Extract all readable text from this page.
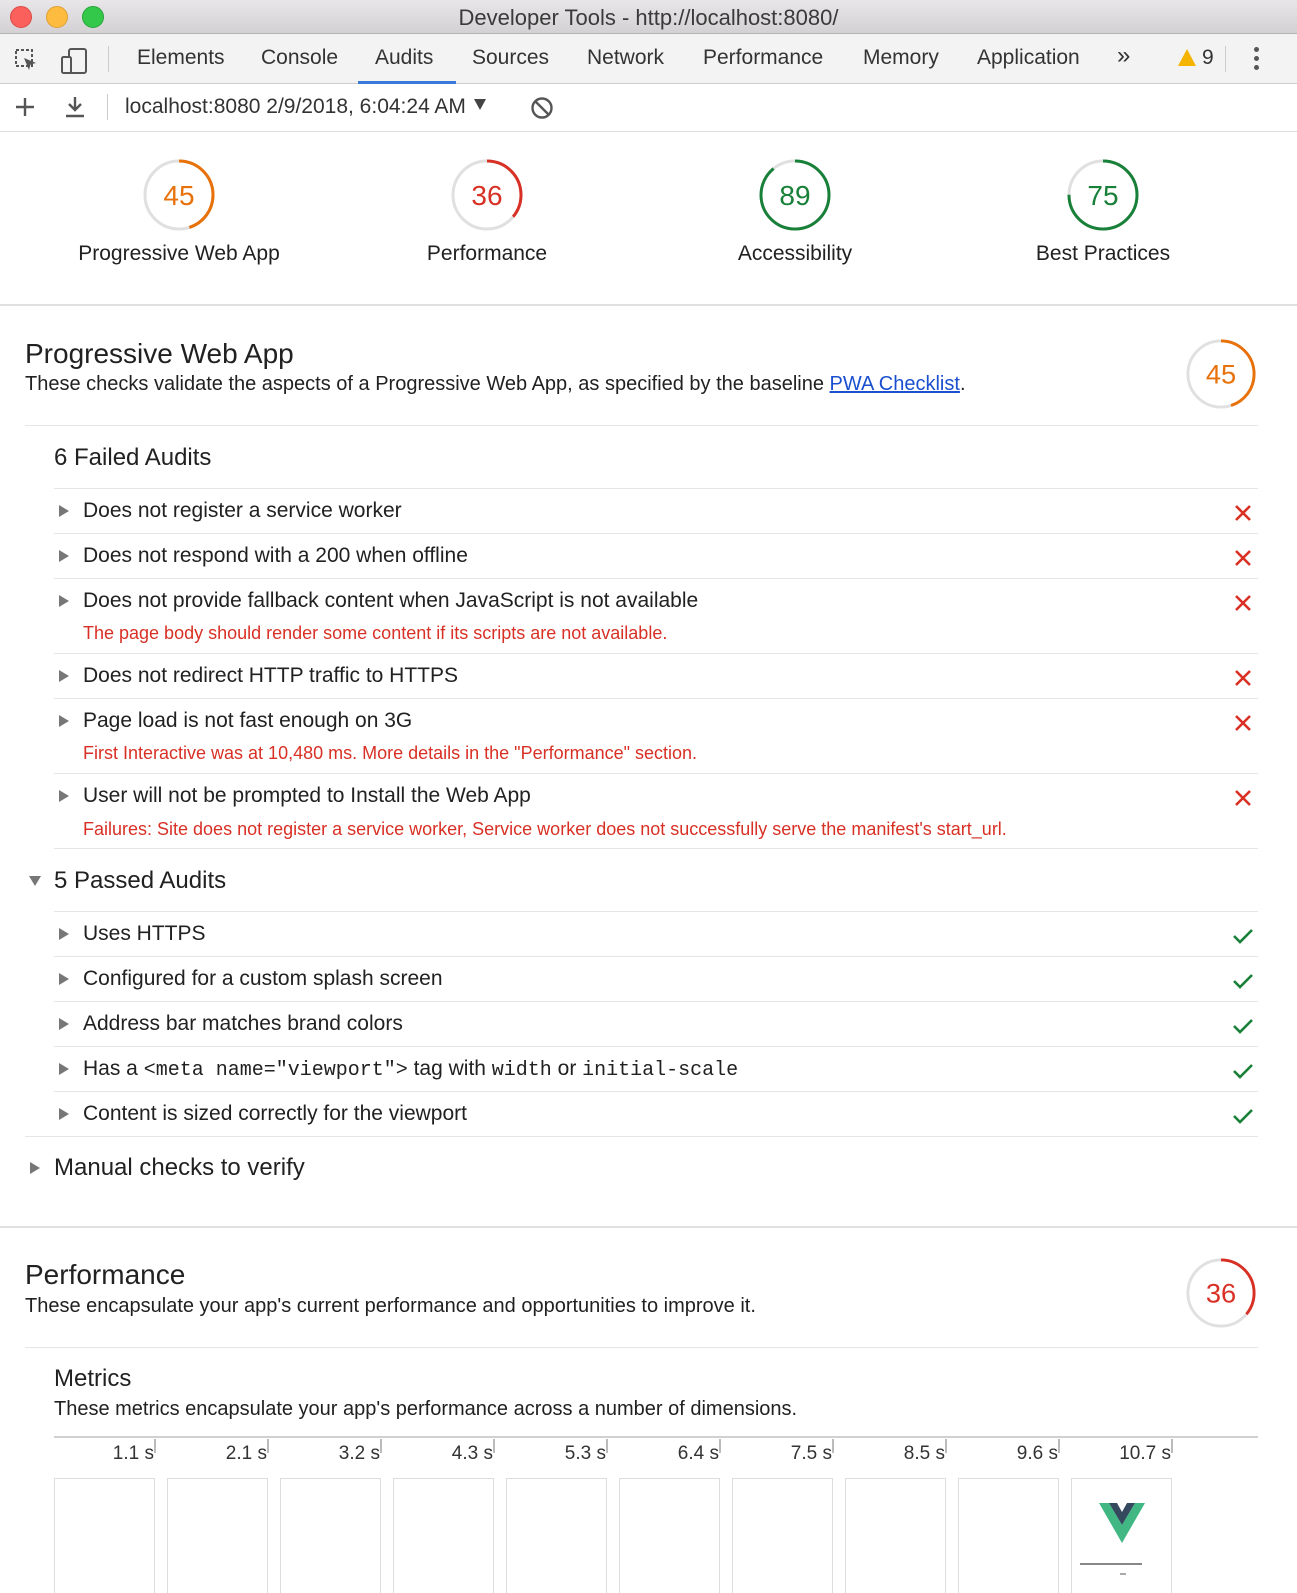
Developer Tools - http://localhost:8080/
Elements Console Audits Sources Network Performance Memory Application »	9
localhost:8080 2/9/2018, 6:04:24 AM
45
Progressive Web App
36
Performance
89
Accessibility
75
Best Practices
Progressive Web App
These checks validate the aspects of a Progressive Web App, as specified by the baseline PWA Checklist.	45
6 Failed Audits
Does not register a service worker
Does not respond with a 200 when offline
Does not provide fallback content when JavaScript is not available
The page body should render some content if its scripts are not available.
Does not redirect HTTP traffic to HTTPS
Page load is not fast enough on 3G
First Interactive was at 10,480 ms. More details in the "Performance" section.
User will not be prompted to Install the Web App
Failures: Site does not register a service worker, Service worker does not successfully serve the manifest's start_url.
5 Passed Audits
Uses HTTPS
Configured for a custom splash screen
Address bar matches brand colors
Has a <meta name="viewport"> tag with width or initial-scale
Content is sized correctly for the viewport
Manual checks to verify
Performance
These encapsulate your app's current performance and opportunities to improve it.	36
Metrics
These metrics encapsulate your app's performance across a number of dimensions.
1.1 s	2.1 s	3.2 s	4.3 s	5.3 s	6.4 s	7.5 s	8.5 s	9.6 s	10.7 s
